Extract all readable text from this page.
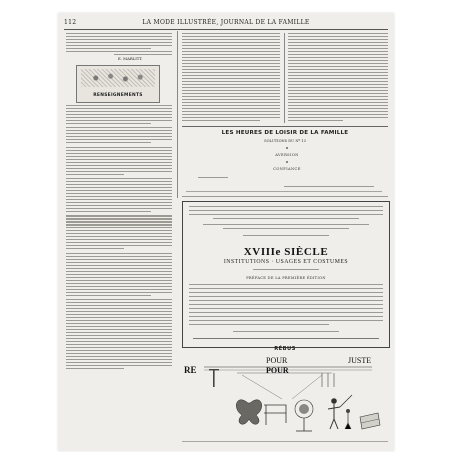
112	LA MODE ILLUSTRÉE, JOURNAL DE LA FAMILLE
E. MARLITT.
RENSEIGNEMENTS
LES HEURES DE LOISIR DE LA FAMILLE
SOLUTIONS DU Nº 13
AVERSION
CONFIANCE
XVIIIe SIÈCLE
INSTITUTIONS · USAGES ET COSTUMES
PRÉFACE DE LA PREMIÈRE ÉDITION
RÉBUS
RE
POUR
POUR
JUSTE
